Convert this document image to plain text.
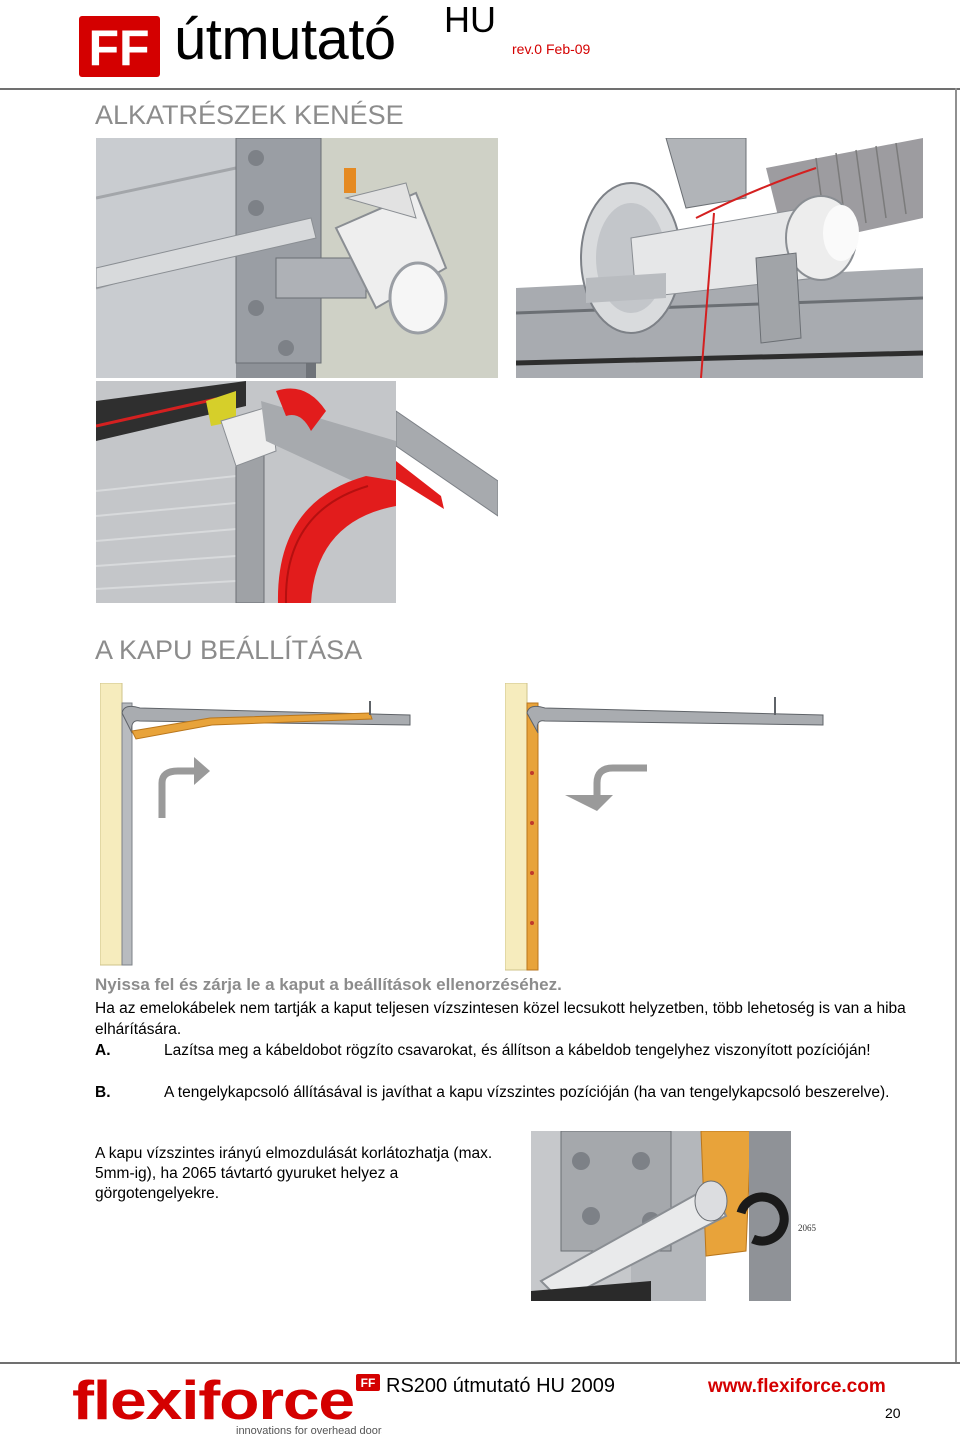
FF útmutató HU
rev.0 Feb-09
ALKATRÉSZEK KENÉSE
A KAPU BEÁLLÍTÁSA
Nyissa fel és zárja le a kaput a beállítások ellenorzéséhez.

Ha az emelokábelek nem tartják a kaput teljesen vízszintesen közel lecsukott helyzetben, több lehetoség is van a hiba elhárítására.

A.	Lazítsa meg a kábeldobot rögzíto csavarokat, és állítson a kábeldob tengelyhez viszonyított pozícióján!

B.	A tengelykapcsoló állításával is javíthat a kapu vízszintes pozícióján (ha van tengelykapcsoló beszerelve).

A kapu vízszintes irányú elmozdulását korlátozhatja (max. 5mm-ig), ha 2065 távtartó gyuruket helyez a görgotengelyekre.

2065
flexiforce FF
innovations for overhead doors
RS200 útmutató HU 2009	www.flexiforce.com
20
